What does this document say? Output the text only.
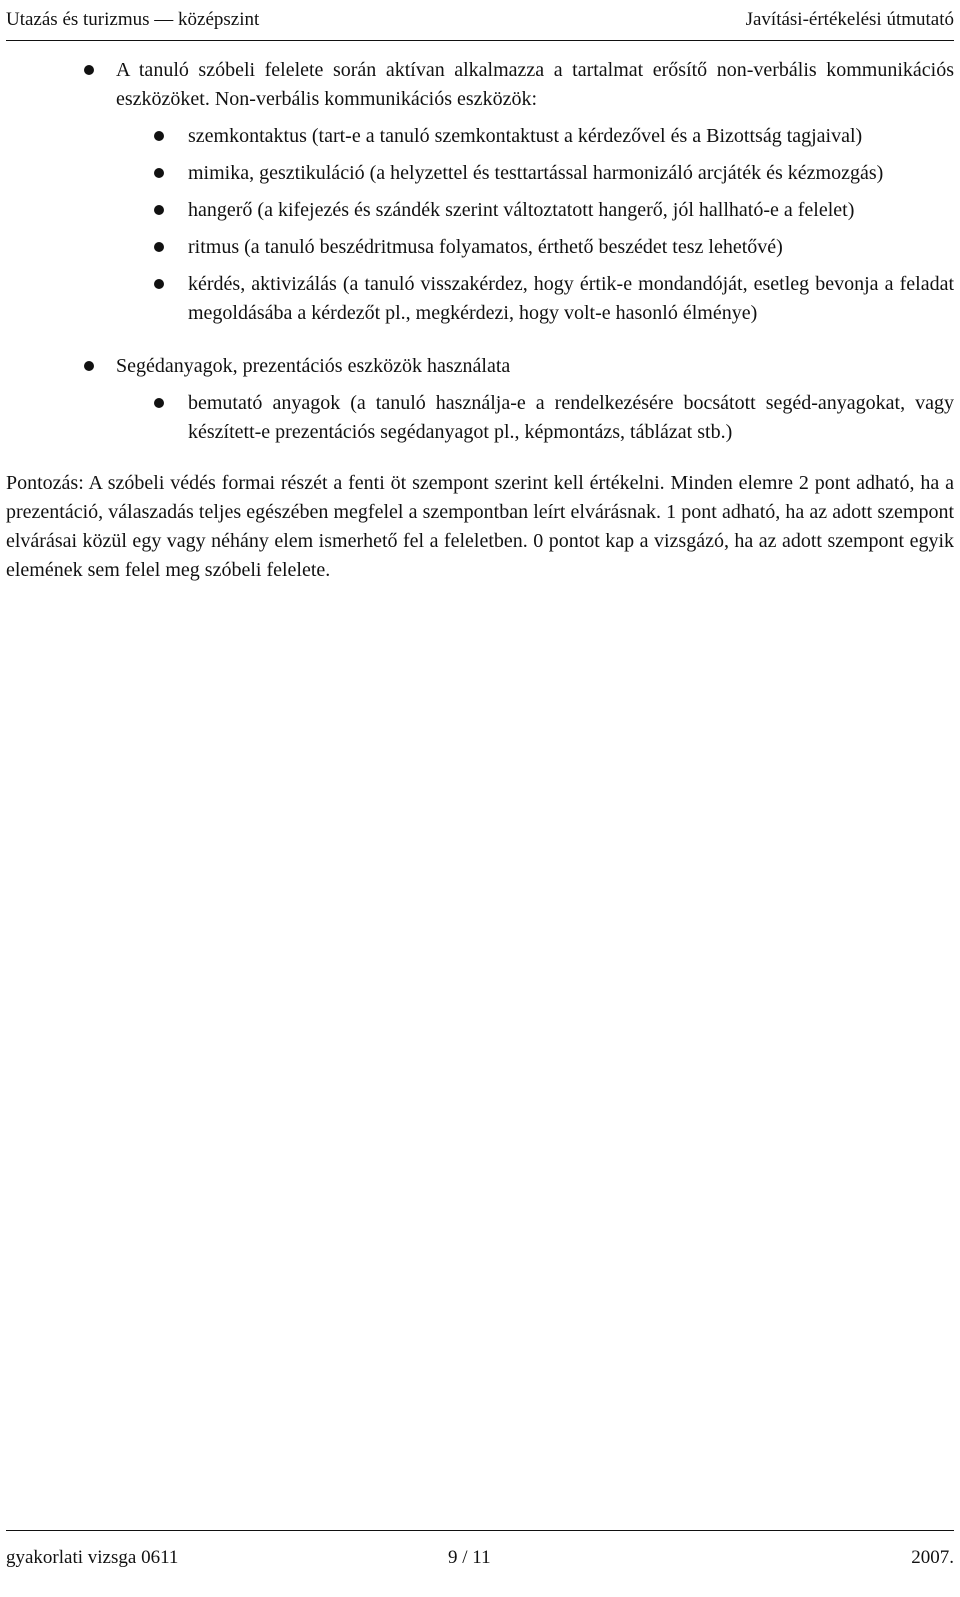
Utazás és turizmus — középszint	Javítási-értékelési útmutató
A tanuló szóbeli felelete során aktívan alkalmazza a tartalmat erősítő non-verbális kommunikációs eszközöket. Non-verbális kommunikációs eszközök:
szemkontaktus (tart-e a tanuló szemkontaktust a kérdezővel és a Bizottság tagjaival)
mimika, gesztikuláció (a helyzettel és testtartással harmonizáló arcjáték és kézmozgás)
hangerő (a kifejezés és szándék szerint változtatott hangerő, jól hallható-e a felelet)
ritmus (a tanuló beszédritmusa folyamatos, érthető beszédet tesz lehetővé)
kérdés, aktivizálás (a tanuló visszakérdez, hogy értik-e mondandóját, esetleg bevonja a feladat megoldásába a kérdezőt pl., megkérdezi, hogy volt-e hasonló élménye)
Segédanyagok, prezentációs eszközök használata
bemutató anyagok (a tanuló használja-e a rendelkezésére bocsátott segéd-anyagokat, vagy készített-e prezentációs segédanyagot pl., képmontázs, táblázat stb.)
Pontozás: A szóbeli védés formai részét a fenti öt szempont szerint kell értékelni. Minden elemre 2 pont adható, ha a prezentáció, válaszadás teljes egészében megfelel a szempontban leírt elvárásnak. 1 pont adható, ha az adott szempont elvárásai közül egy vagy néhány elem ismerhető fel a feleletben. 0 pontot kap a vizsgázó, ha az adott szempont egyik elemének sem felel meg szóbeli felelete.
gyakorlati vizsga 0611	9 / 11	2007.
